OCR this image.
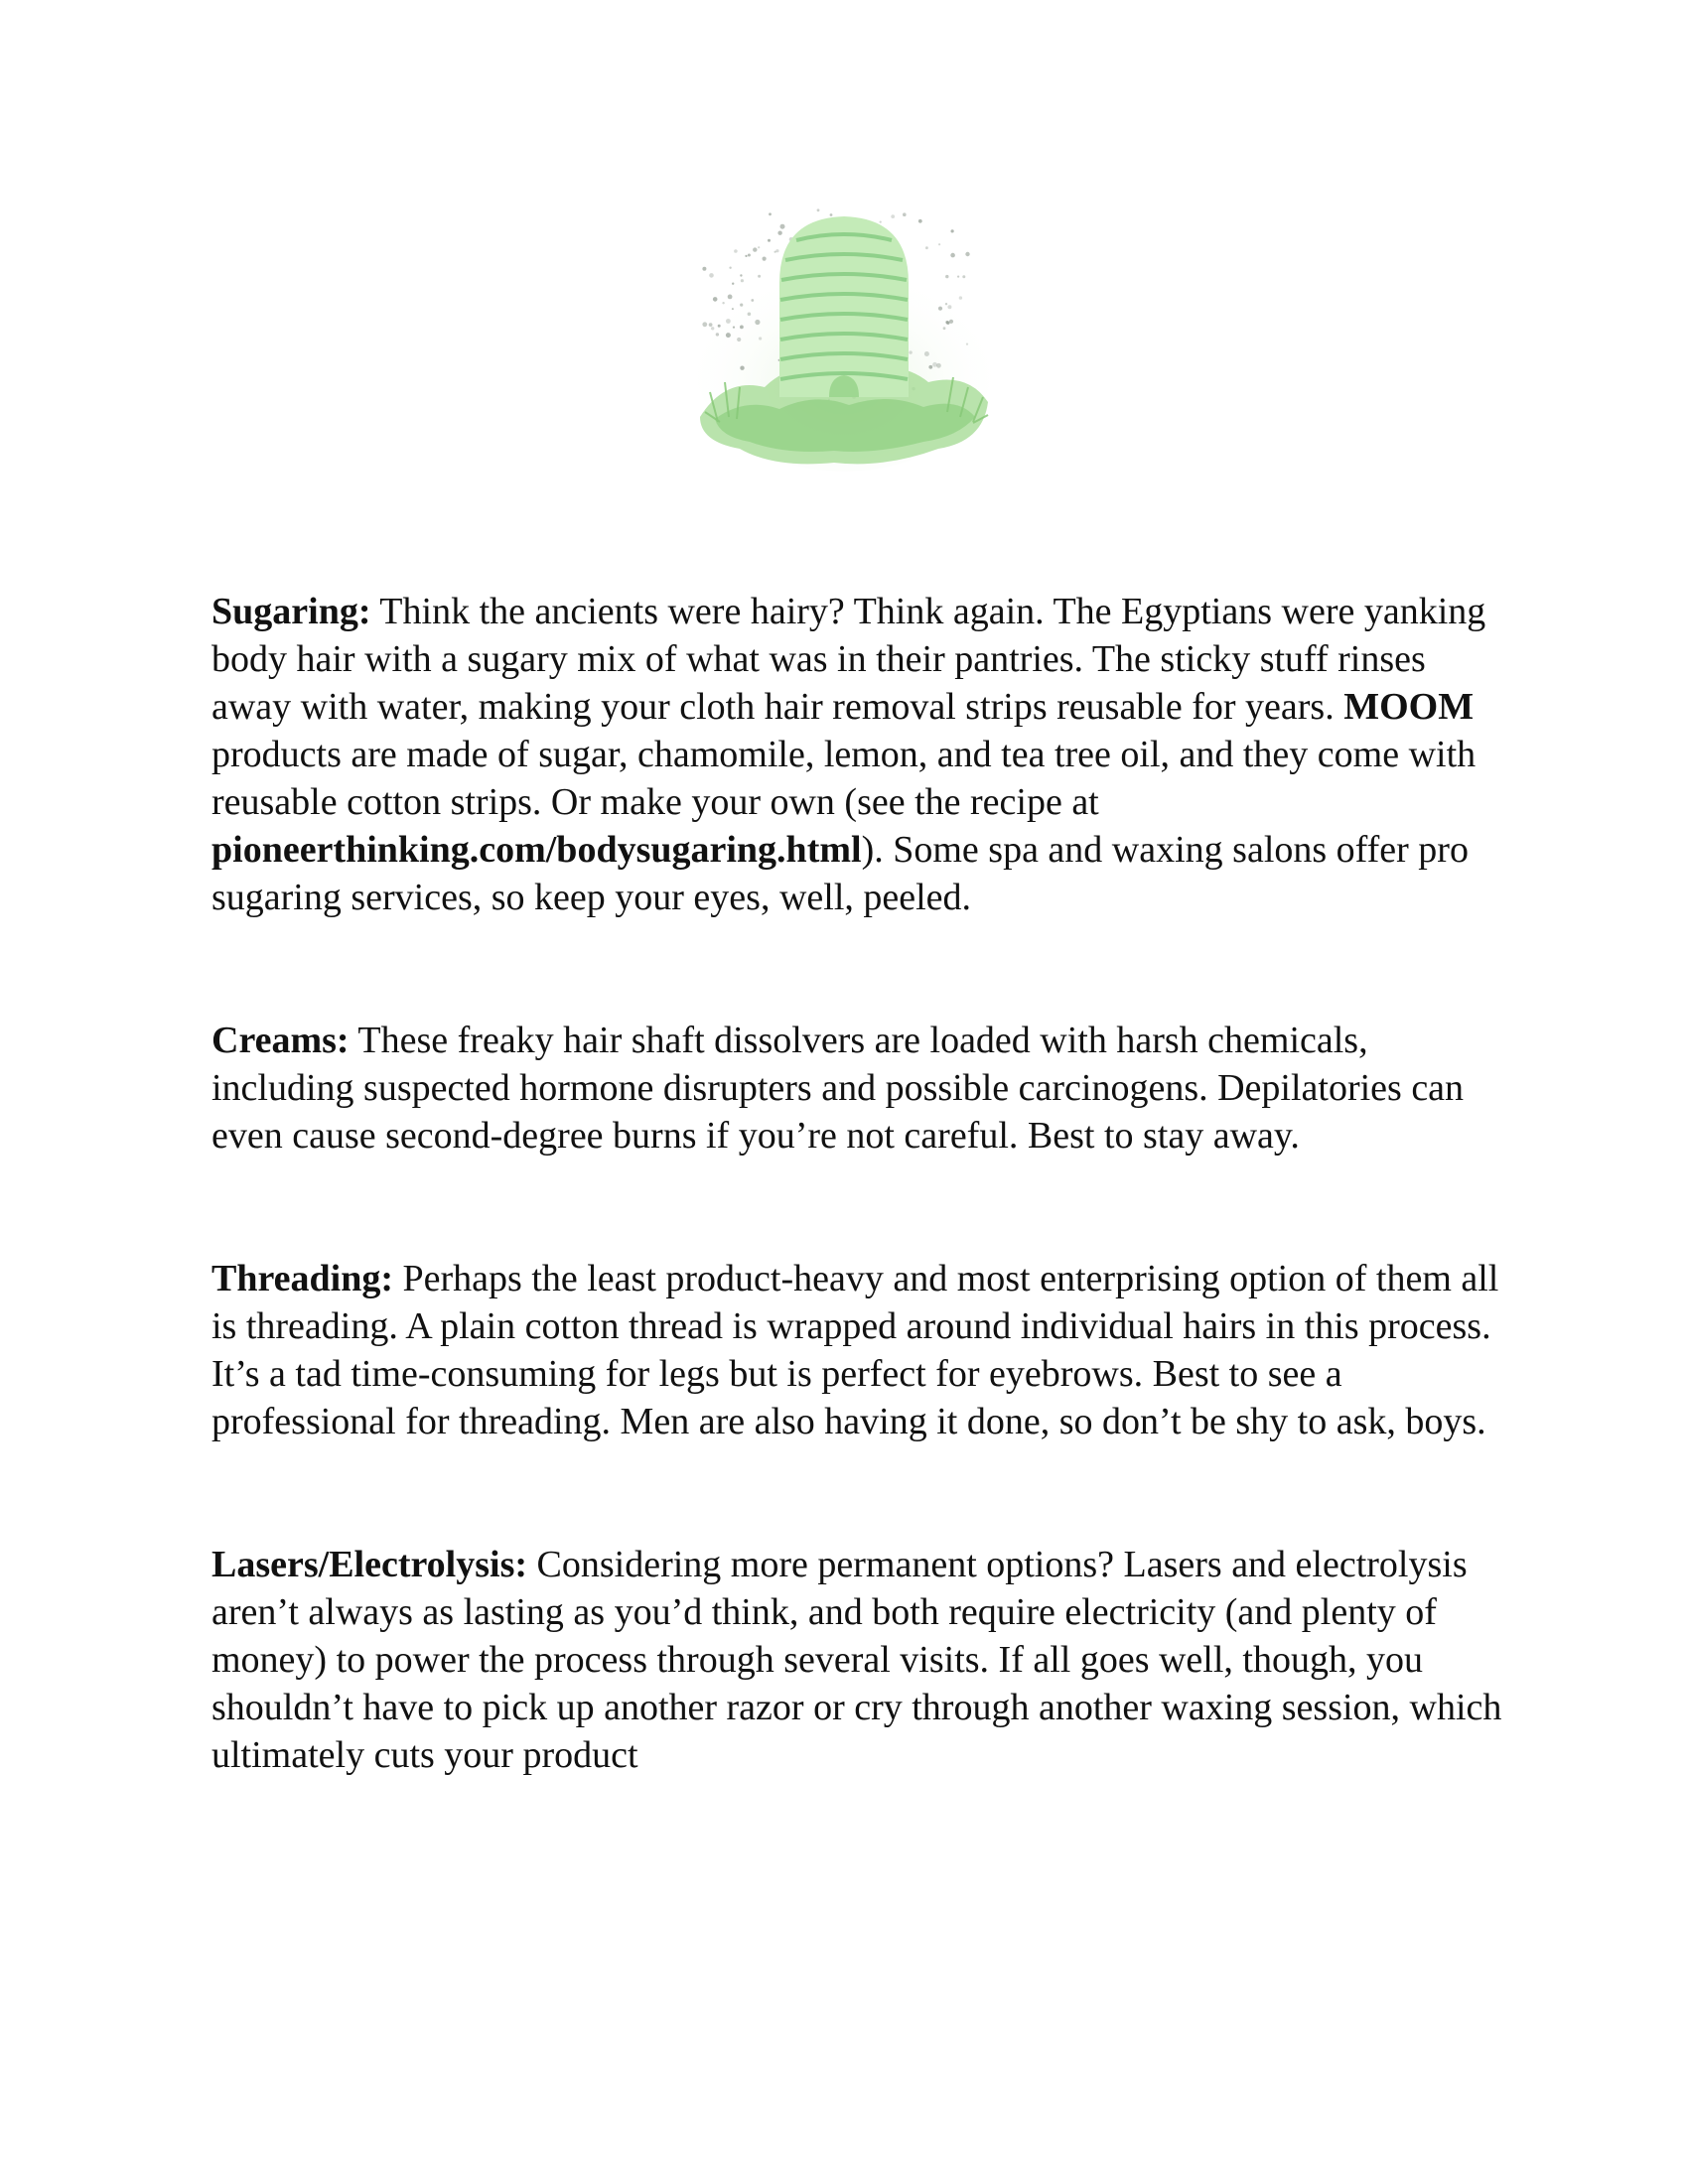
Sugaring: Think the ancients were hairy? Think again. The Egyptians were yanking body hair with a sugary mix of what was in their pantries. The sticky stuff rinses away with water, making your cloth hair removal strips reusable for years. MOOM products are made of sugar, chamomile, lemon, and tea tree oil, and they come with reusable cotton strips. Or make your own (see the recipe at pioneerthinking.com/bodysugaring.html). Some spa and waxing salons offer pro sugaring services, so keep your eyes, well, peeled.

Creams: These freaky hair shaft dissolvers are loaded with harsh chemicals, including suspected hormone disrupters and possible carcinogens. Depilatories can even cause second-degree burns if you’re not careful. Best to stay away.

Threading: Perhaps the least product-heavy and most enterprising option of them all is threading. A plain cotton thread is wrapped around individual hairs in this process. It’s a tad time-consuming for legs but is perfect for eyebrows. Best to see a professional for threading. Men are also having it done, so don’t be shy to ask, boys.

Lasers/Electrolysis: Considering more permanent options? Lasers and electrolysis aren’t always as lasting as you’d think, and both require electricity (and plenty of money) to power the process through several visits. If all goes well, though, you shouldn’t have to pick up another razor or cry through another waxing session, which ultimately cuts your product
